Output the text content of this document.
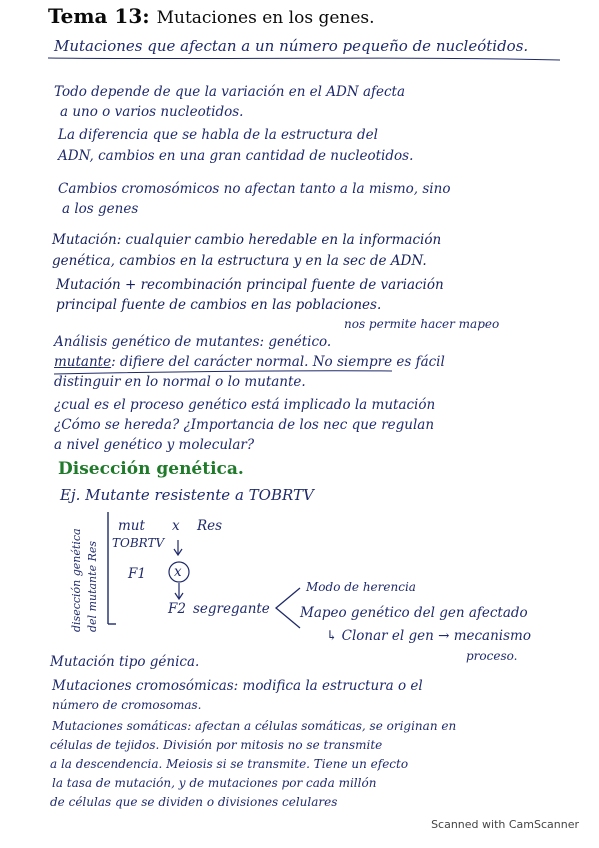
Tema 13: Mutaciones en los genes.
Mutaciones que afectan a un número pequeño de nucleótidos.
Todo depende de que la variación en el ADN afecta
a uno o varios nucleotidos.
La diferencia que se habla de la estructura del
ADN, cambios en una gran cantidad de nucleotidos.
Cambios cromosómicos no afectan tanto a la mismo, sino
a los genes
Mutación: cualquier cambio heredable en la información
genética, cambios en la estructura y en la sec de ADN.
Mutación + recombinación principal fuente de variación
principal fuente de cambios en las poblaciones.
nos permite hacer mapeo
Análisis genético de mutantes: genético.
mutante: difiere del carácter normal. No siempre es fácil
distinguir en lo normal o lo mutante.
¿cual es el proceso genético está implicado la mutación
¿Cómo se hereda? ¿Importancia de los nec que regulan
a nivel genético y molecular?
Disección genética.
Ej. Mutante resistente a TOBRTV
disección genética del mutante Res
mut
TOBRTV
x Res
F1 x
F2 segregante
Modo de herencia
Mapeo genético del gen afectado
↳ Clonar el gen → mecanismo
proceso.
Mutación tipo génica.
Mutaciones cromosómicas: modifica la estructura o el
número de cromosomas.
Mutaciones somáticas: afectan a células somáticas, se originan en
células de tejidos. División por mitosis no se transmite
a la descendencia. Meiosis si se transmite. Tiene un efecto
la tasa de mutación, y de mutaciones por cada millón
de células que se dividen o divisiones celulares
Scanned with CamScanner
